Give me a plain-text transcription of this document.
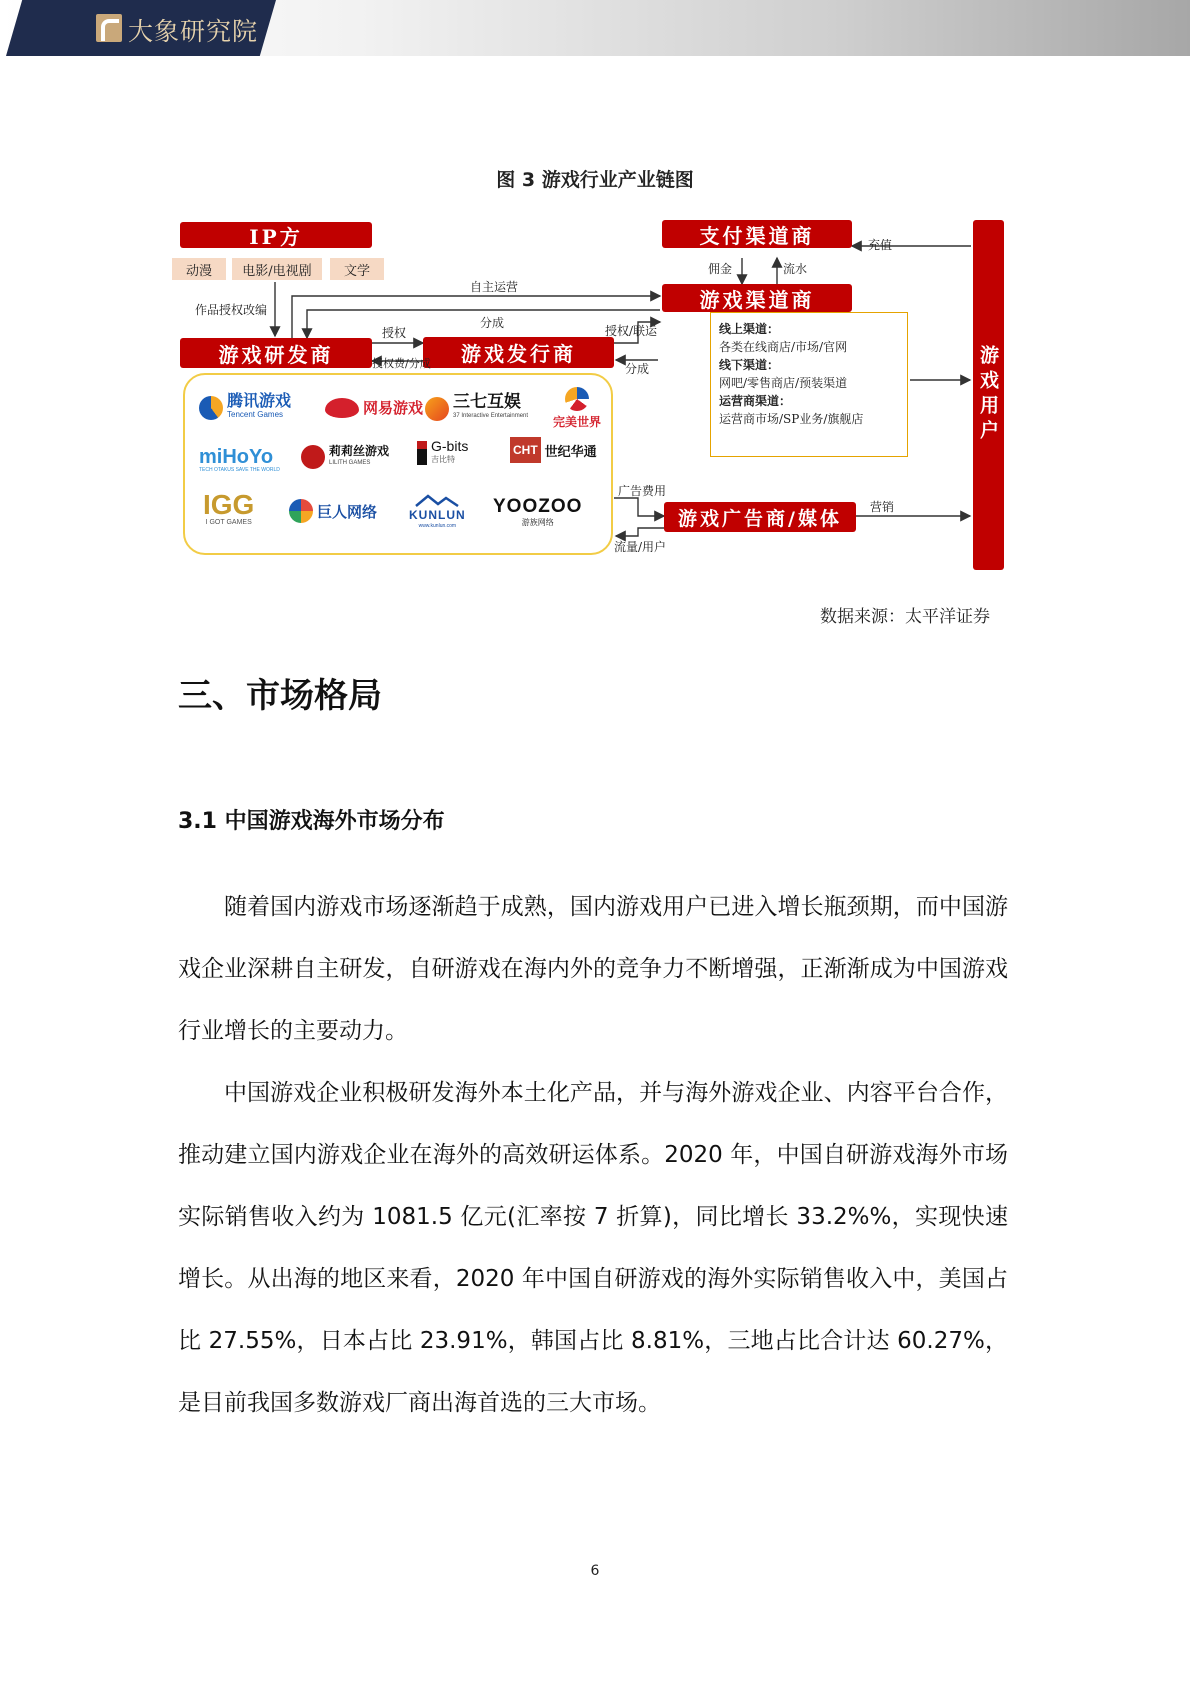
大象研究院
图 3 游戏行业产业链图
IP方
动漫	电影/电视剧	文学
作品授权改编
游戏研发商	游戏发行商
支付渠道商
游戏渠道商
游戏广告商/媒体
游戏用户
自主运营
分成
授权
授权费/分成
授权/联运
分成
佣金	流水
充值
广告费用
流量/用户
营销
线上渠道：
各类在线商店/市场/官网
线下渠道：
网吧/零售商店/预装渠道
运营商渠道：
运营商市场/SP业务/旗舰店
腾讯游戏
Tencent Games	网易游戏 三七互娱
37 Interactive Entertainment 完美世界
miHoYo
TECH OTAKUS SAVE THE WORLD
莉莉丝游戏
LILITH GAMES
G-bits
吉比特
CHT 世纪华通
IGG
I GOT GAMES
巨人网络	KUNLUN
www.kunlun.com
YOOZOO
游族网络
数据来源：太平洋证券
三、市场格局
3.1 中国游戏海外市场分布

随着国内游戏市场逐渐趋于成熟，国内游戏用户已进入增长瓶颈期，而中国游戏企业深耕自主研发，自研游戏在海内外的竞争力不断增强，正渐渐成为中国游戏行业增长的主要动力。

中国游戏企业积极研发海外本土化产品，并与海外游戏企业、内容平台合作，推动建立国内游戏企业在海外的高效研运体系。2020 年，中国自研游戏海外市场实际销售收入约为 1081.5 亿元(汇率按 7 折算)，同比增长 33.2%%，实现快速增长。从出海的地区来看，2020 年中国自研游戏的海外实际销售收入中，美国占比 27.55%，日本占比 23.91%，韩国占比 8.81%，三地占比合计达 60.27%，是目前我国多数游戏厂商出海首选的三大市场。

6
